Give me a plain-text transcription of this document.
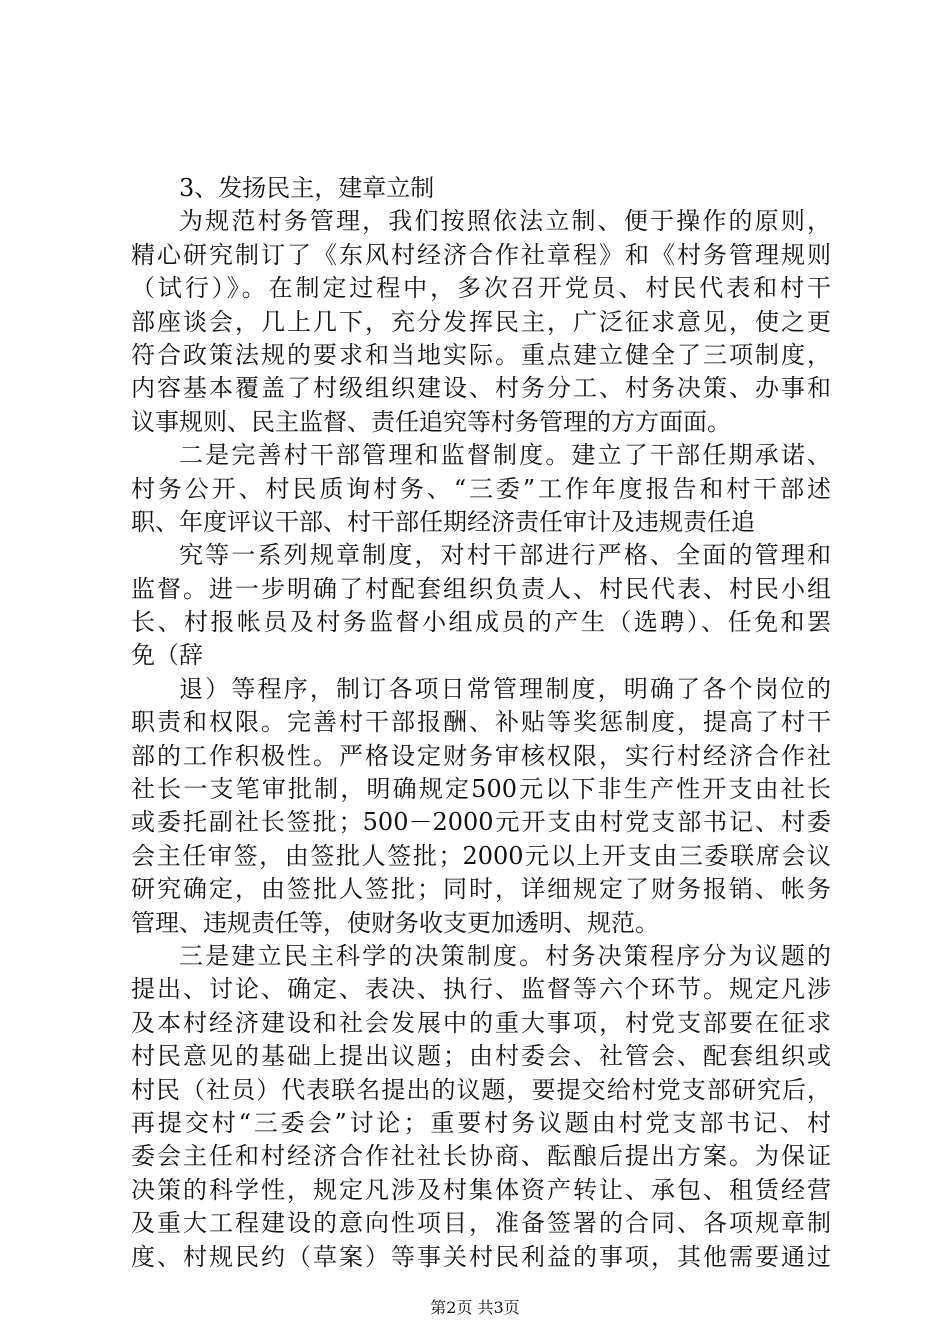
3、发扬民主，建章立制
为规范村务管理，我们按照依法立制、便于操作的原则，
精心研究制订了《东风村经济合作社章程》和《村务管理规则
（试行）》。在制定过程中，多次召开党员、村民代表和村干
部座谈会，几上几下，充分发挥民主，广泛征求意见，使之更
符合政策法规的要求和当地实际。重点建立健全了三项制度，
内容基本覆盖了村级组织建设、村务分工、村务决策、办事和
议事规则、民主监督、责任追究等村务管理的方方面面。
二是完善村干部管理和监督制度。建立了干部任期承诺、
村务公开、村民质询村务、“三委”工作年度报告和村干部述
职、年度评议干部、村干部任期经济责任审计及违规责任追
究等一系列规章制度，对村干部进行严格、全面的管理和
监督。进一步明确了村配套组织负责人、村民代表、村民小组
长、村报帐员及村务监督小组成员的产生（选聘）、任免和罢
免（辞
退）等程序，制订各项日常管理制度，明确了各个岗位的
职责和权限。完善村干部报酬、补贴等奖惩制度，提高了村干
部的工作积极性。严格设定财务审核权限，实行村经济合作社
社长一支笔审批制，明确规定500元以下非生产性开支由社长
或委托副社长签批；500－2000元开支由村党支部书记、村委
会主任审签，由签批人签批；2000元以上开支由三委联席会议
研究确定，由签批人签批；同时，详细规定了财务报销、帐务
管理、违规责任等，使财务收支更加透明、规范。
三是建立民主科学的决策制度。村务决策程序分为议题的
提出、讨论、确定、表决、执行、监督等六个环节。规定凡涉
及本村经济建设和社会发展中的重大事项，村党支部要在征求
村民意见的基础上提出议题；由村委会、社管会、配套组织或
村民（社员）代表联名提出的议题，要提交给村党支部研究后，
再提交村“三委会”讨论；重要村务议题由村党支部书记、村
委会主任和村经济合作社社长协商、酝酿后提出方案。为保证
决策的科学性，规定凡涉及村集体资产转让、承包、租赁经营
及重大工程建设的意向性项目，准备签署的合同、各项规章制
度、村规民约（草案）等事关村民利益的事项，其他需要通过
第2页 共3页
